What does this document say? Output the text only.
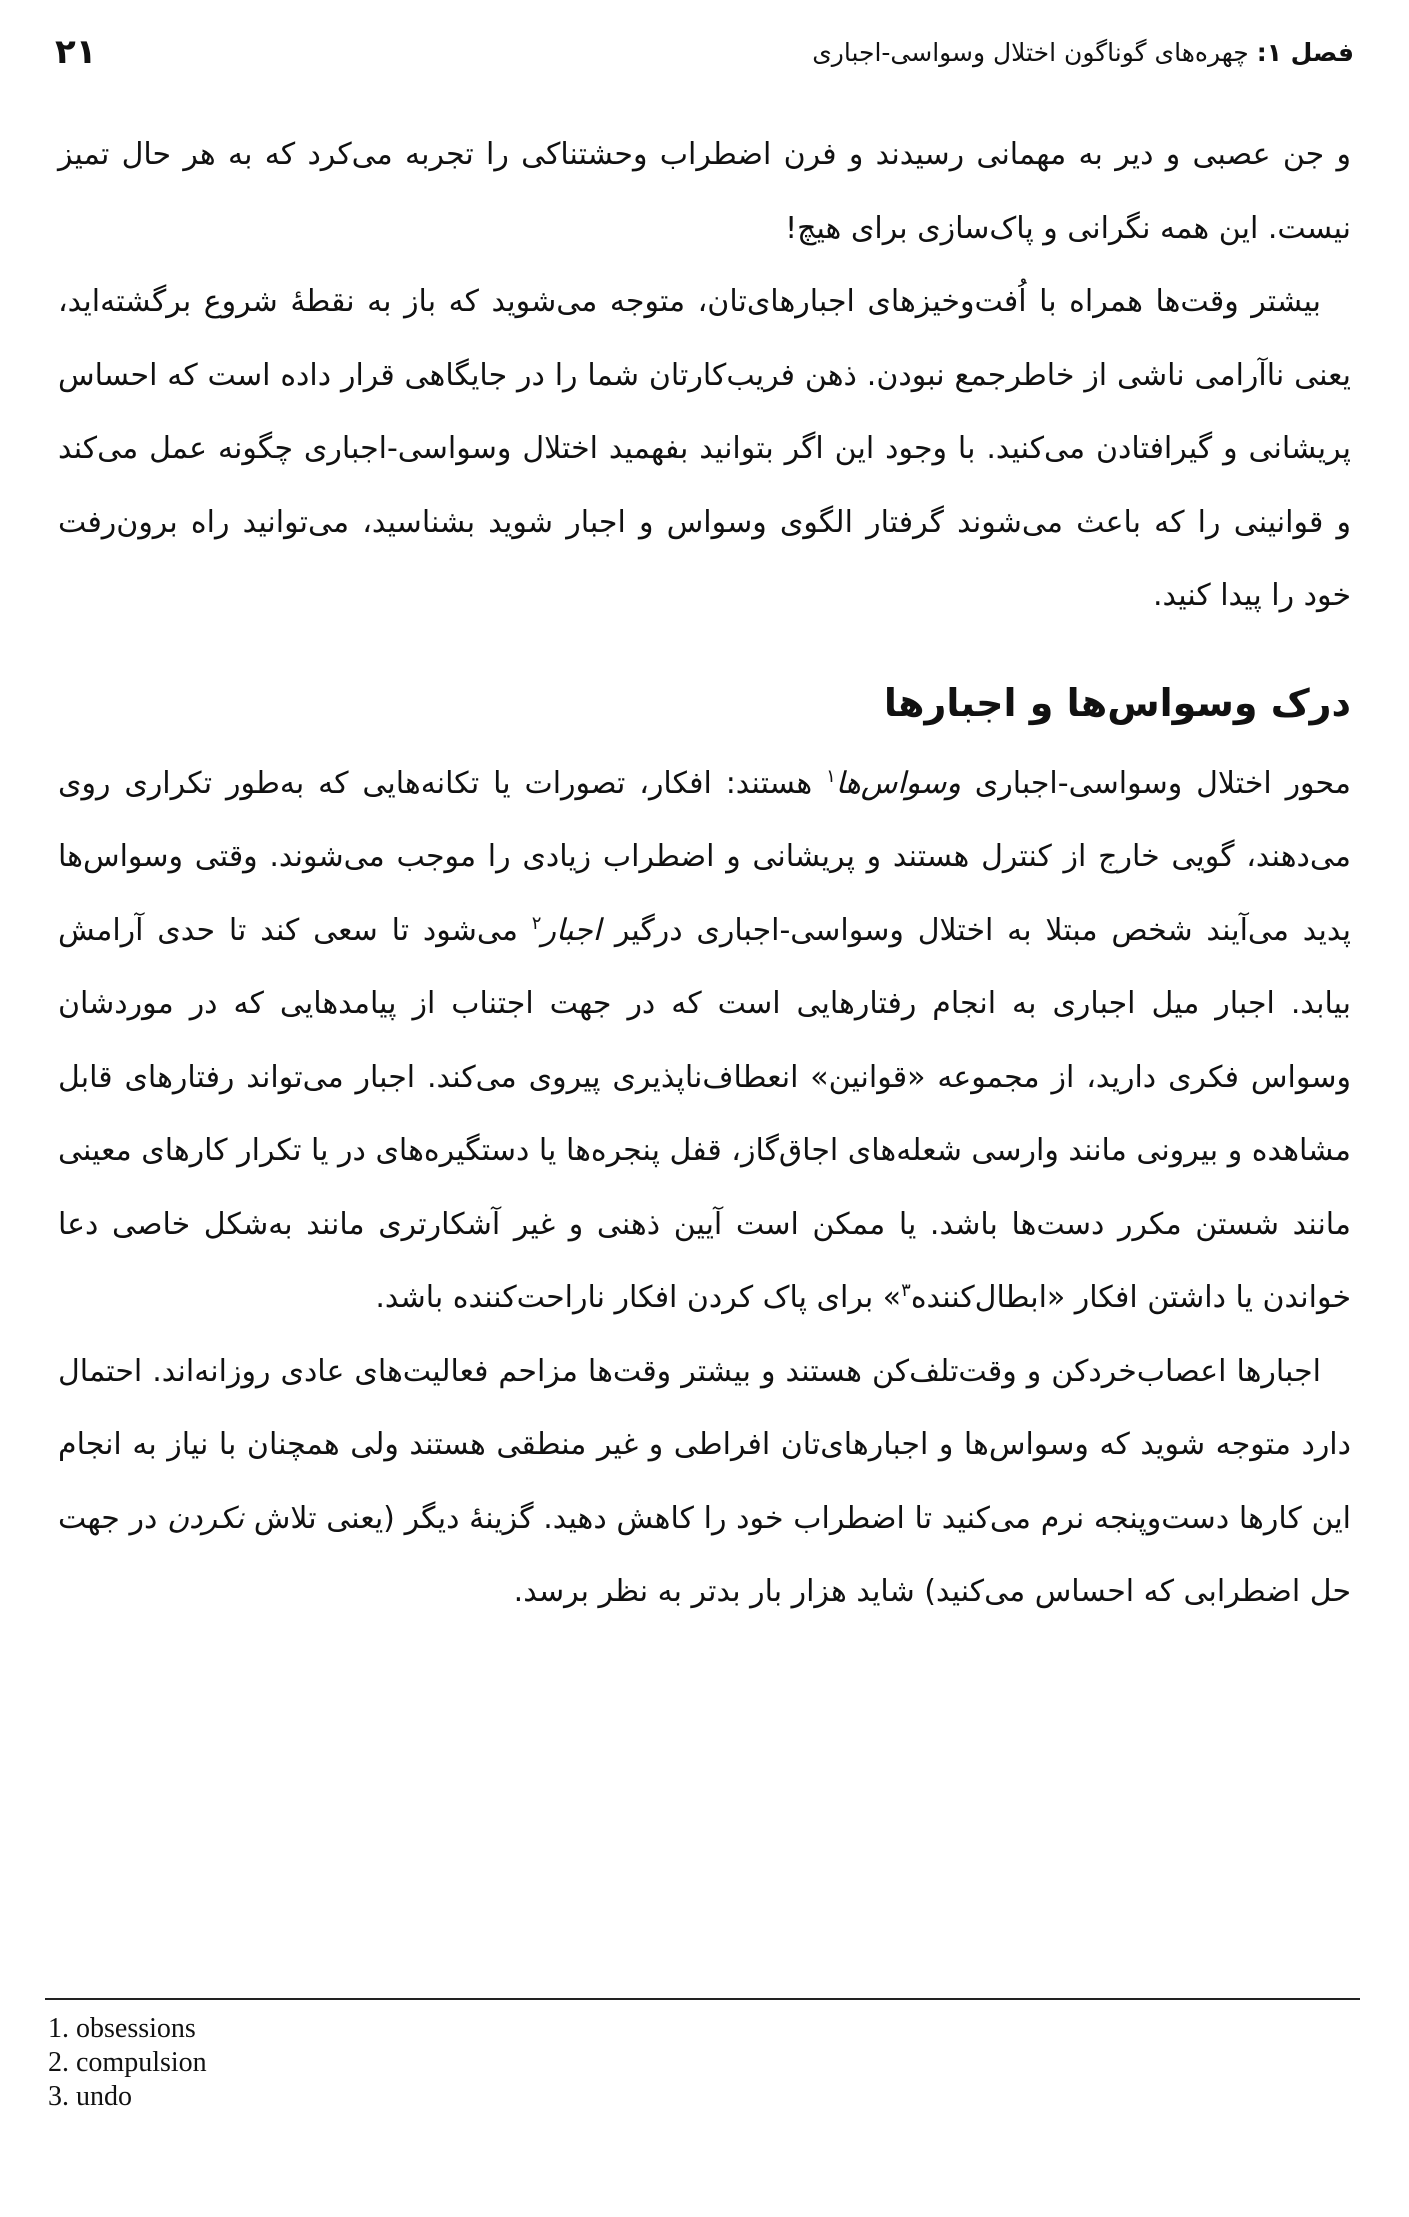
فصل ۱: چهره‌های گوناگون اختلال وسواسی-اجباری
۲۱

و جن عصبی و دیر به مهمانی رسیدند و فرن اضطراب وحشتناکی را تجربه می‌کرد که به هر حال تمیز نیست. این همه نگرانی و پاک‌سازی برای هیچ!

بیشتر وقت‌ها همراه با اُفت‌وخیزهای اجبارهای‌تان، متوجه می‌شوید که باز به نقطهٔ شروع برگشته‌اید، یعنی ناآرامی ناشی از خاطرجمع نبودن. ذهن فریب‌کارتان شما را در جایگاهی قرار داده است که احساس پریشانی و گیرافتادن می‌کنید. با وجود این اگر بتوانید بفهمید اختلال وسواسی-اجباری چگونه عمل می‌کند و قوانینی را که باعث می‌شوند گرفتار الگوی وسواس و اجبار شوید بشناسید، می‌توانید راه برون‌رفت خود را پیدا کنید.

درک وسواس‌ها و اجبارها

محور اختلال وسواسی-اجباری وسواس‌ها$^۱$ هستند: افکار، تصورات یا تکانه‌هایی که به‌طور تکراری روی می‌دهند، گویی خارج از کنترل هستند و پریشانی و اضطراب زیادی را موجب می‌شوند. وقتی وسواس‌ها پدید می‌آیند شخص مبتلا به اختلال وسواسی-اجباری درگیر اجبار$^۲$ می‌شود تا سعی کند تا حدی آرامش بیابد. اجبار میل اجباری به انجام رفتارهایی است که در جهت اجتناب از پیامدهایی که در موردشان وسواس فکری دارید، از مجموعه «قوانین» انعطاف‌ناپذیری پیروی می‌کند. اجبار می‌تواند رفتارهای قابل مشاهده و بیرونی مانند وارسی شعله‌های اجاق‌گاز، قفل پنجره‌ها یا دستگیره‌های در یا تکرار کارهای معینی مانند شستن مکرر دست‌ها باشد. یا ممکن است آیین ذهنی و غیر آشکارتری مانند به‌شکل خاصی دعا خواندن یا داشتن افکار «ابطال‌کننده$^۳$» برای پاک کردن افکار ناراحت‌کننده باشد.

اجبارها اعصاب‌خردکن و وقت‌تلف‌کن هستند و بیشتر وقت‌ها مزاحم فعالیت‌های عادی روزانه‌اند. احتمال دارد متوجه شوید که وسواس‌ها و اجبارهای‌تان افراطی و غیر منطقی هستند ولی همچنان با نیاز به انجام این کارها دست‌وپنجه نرم می‌کنید تا اضطراب خود را کاهش دهید. گزینهٔ دیگر (یعنی تلاش نکردن در جهت حل اضطرابی که احساس می‌کنید) شاید هزار بار بدتر به نظر برسد.

1. obsessions
2. compulsion
3. undo
